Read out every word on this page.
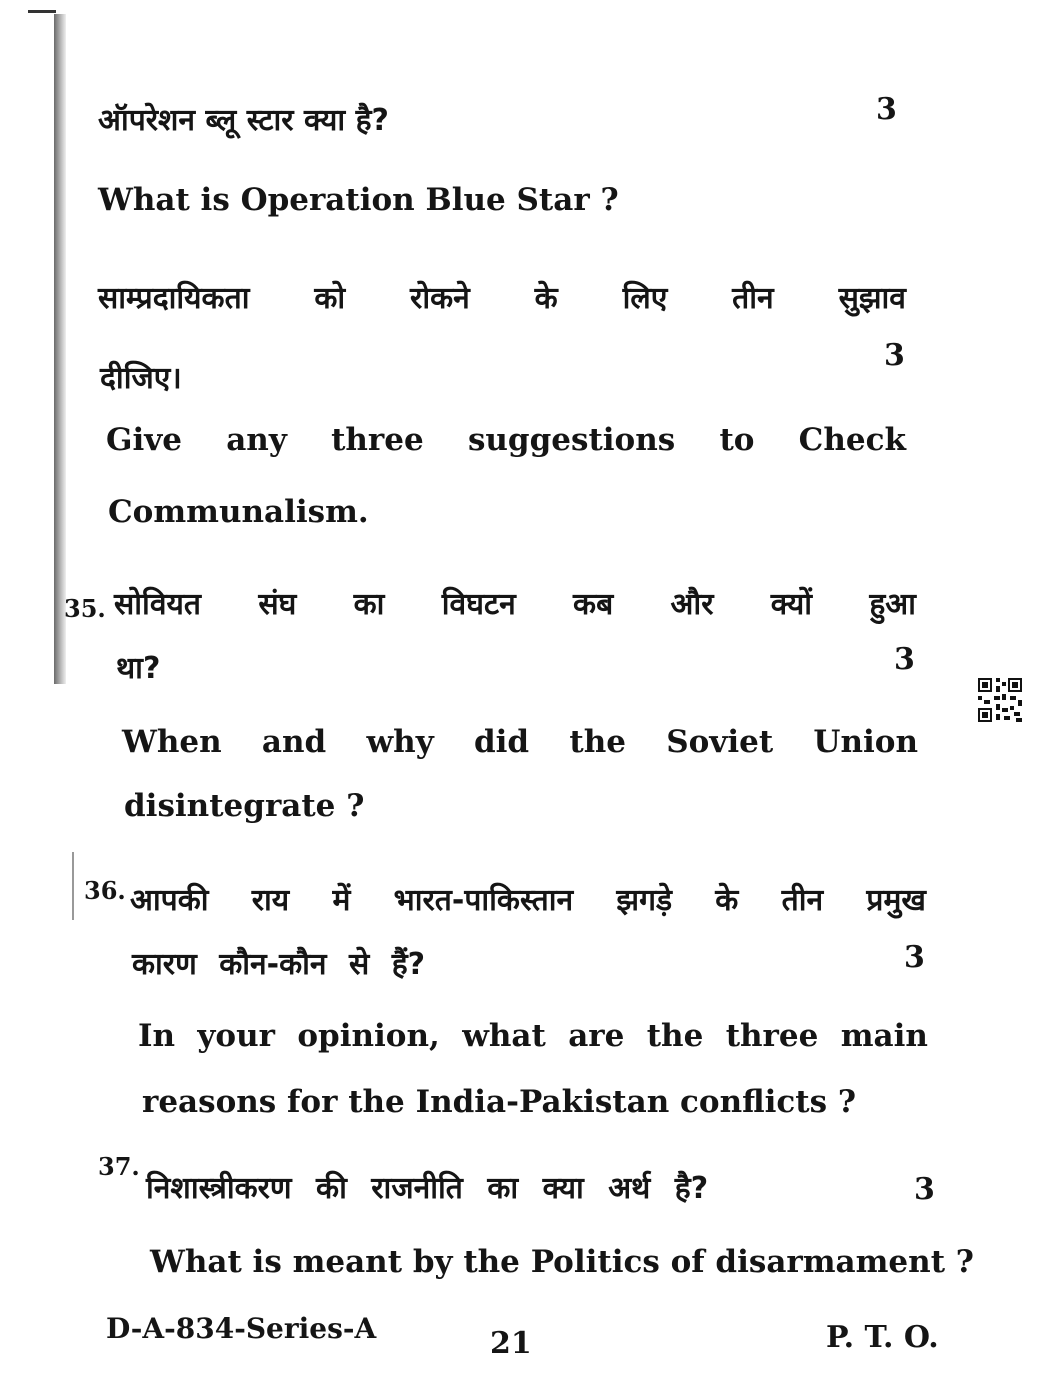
ऑपरेशन ब्लू स्टार क्या है?	3
What is Operation Blue Star ?
साम्प्रदायिकता को रोकने के लिए तीन सुझाव
दीजिए।
3
Give any three suggestions to Check
Communalism.
35. सोवियत संघ का विघटन कब और क्यों हुआ
था?	3
When and why did the Soviet Union
disintegrate ?
36. आपकी राय में भारत-पाकिस्तान झगड़े के तीन प्रमुख
कारण कौन-कौन से हैं?	3
In your opinion, what are the three main
reasons for the India-Pakistan conflicts ?
37.
निशास्त्रीकरण की राजनीति का क्या अर्थ है?	3
What is meant by the Politics of disarmament ?
D-A-834-Series-A	21	P. T. O.
